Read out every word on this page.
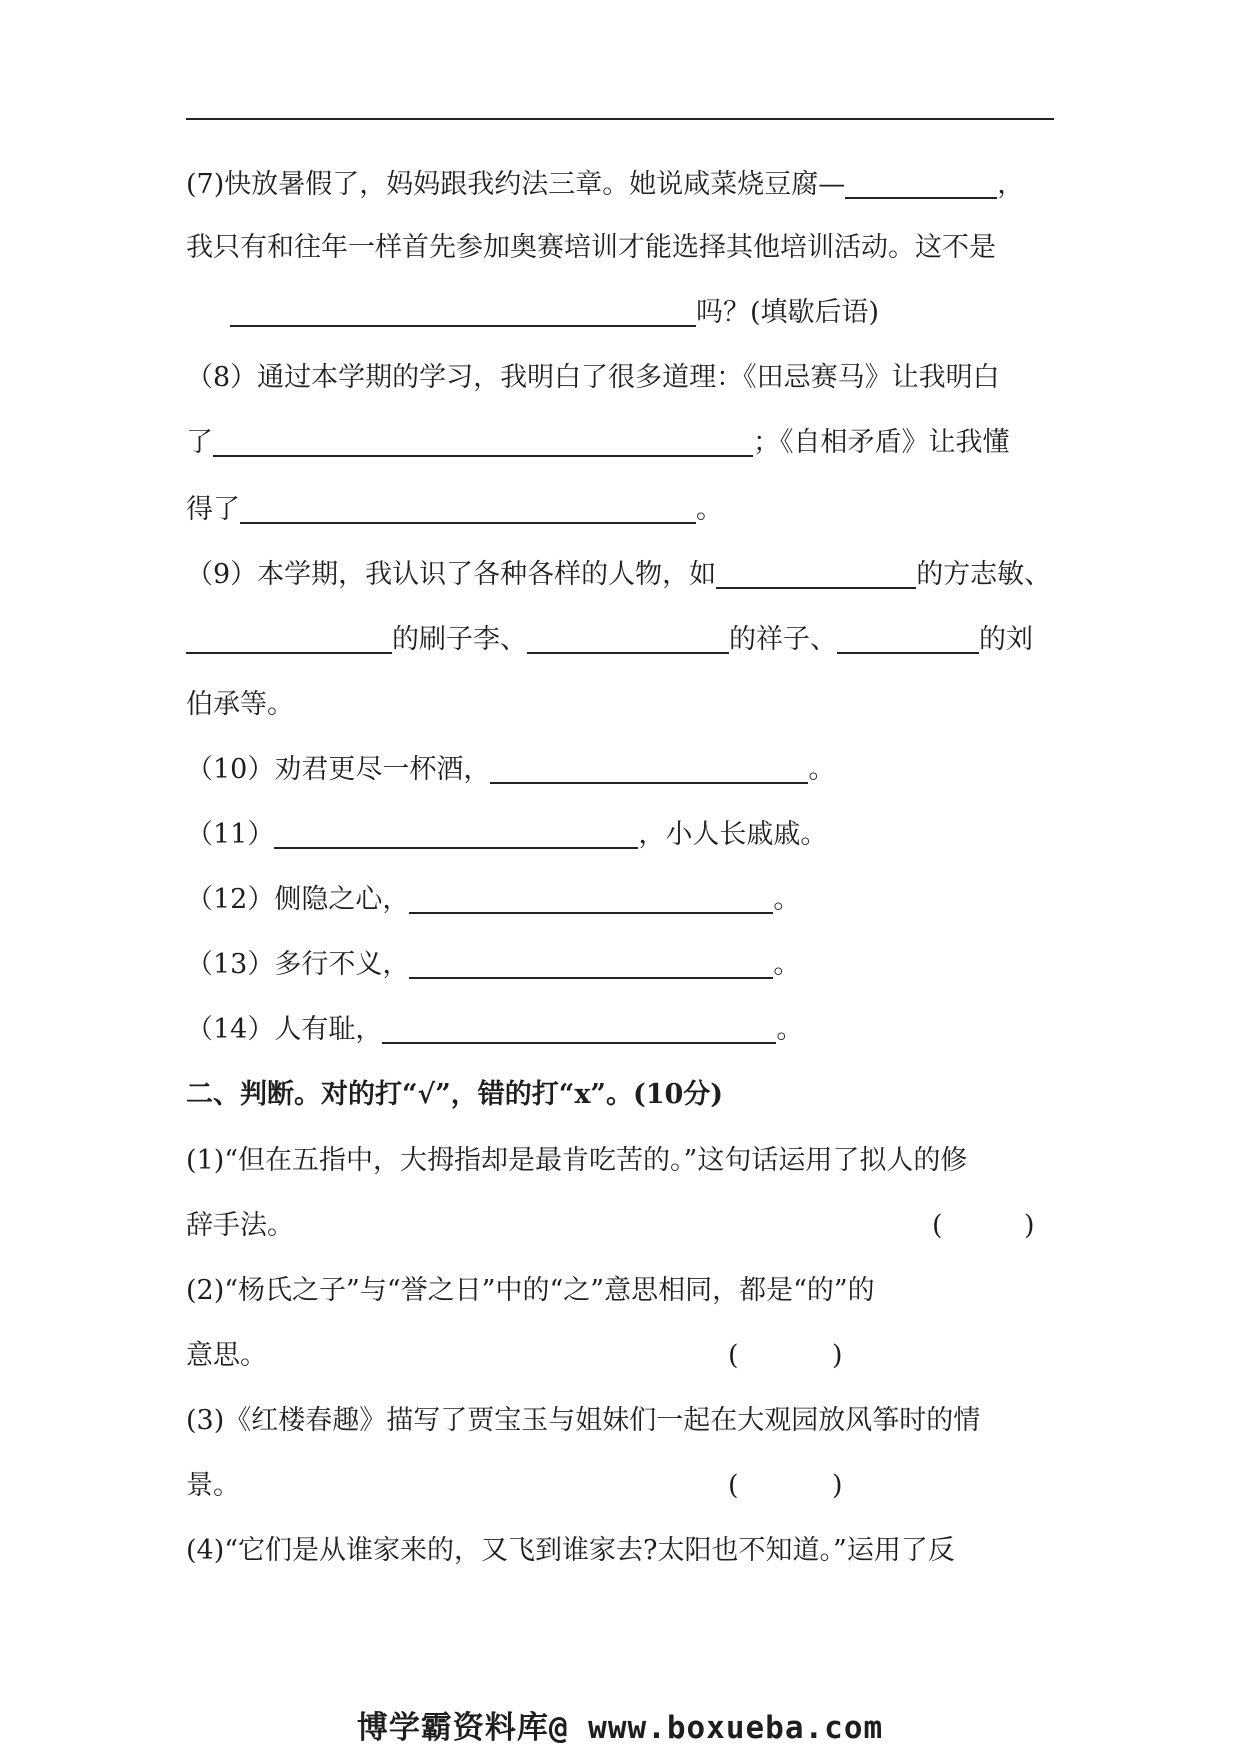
(7)快放暑假了，妈妈跟我约法三章。她说咸菜烧豆腐—	，
我只有和往年一样首先参加奥赛培训才能选择其他培训活动。这不是
吗？(填歇后语)
（8）通过本学期的学习，我明白了很多道理：《田忌赛马》让我明白
了	；《自相矛盾》让我懂
得了	。
（9）本学期，我认识了各种各样的人物，如	的方志敏、
的刷子李、	的祥子、	的刘
伯承等。
（10）劝君更尽一杯酒，	。
（11）	，小人长戚戚。
（12）侧隐之心，	。
（13）多行不义，	。
（14）人有耻，	。
二、判断。对的打“√”，错的打“x”。(10分)
(1)“但在五指中，大拇指却是最肯吃苦的。”这句话运用了拟人的修
辞手法。	(	)
(2)“杨氏之子”与“誉之日”中的“之”意思相同，都是“的”的
意思。	(	)
(3)《红楼春趣》描写了贾宝玉与姐妹们一起在大观园放风筝时的情
景。	(	)
(4)“它们是从谁家来的，又飞到谁家去?太阳也不知道。”运用了反
博学霸资料库@ www.boxueba.com
